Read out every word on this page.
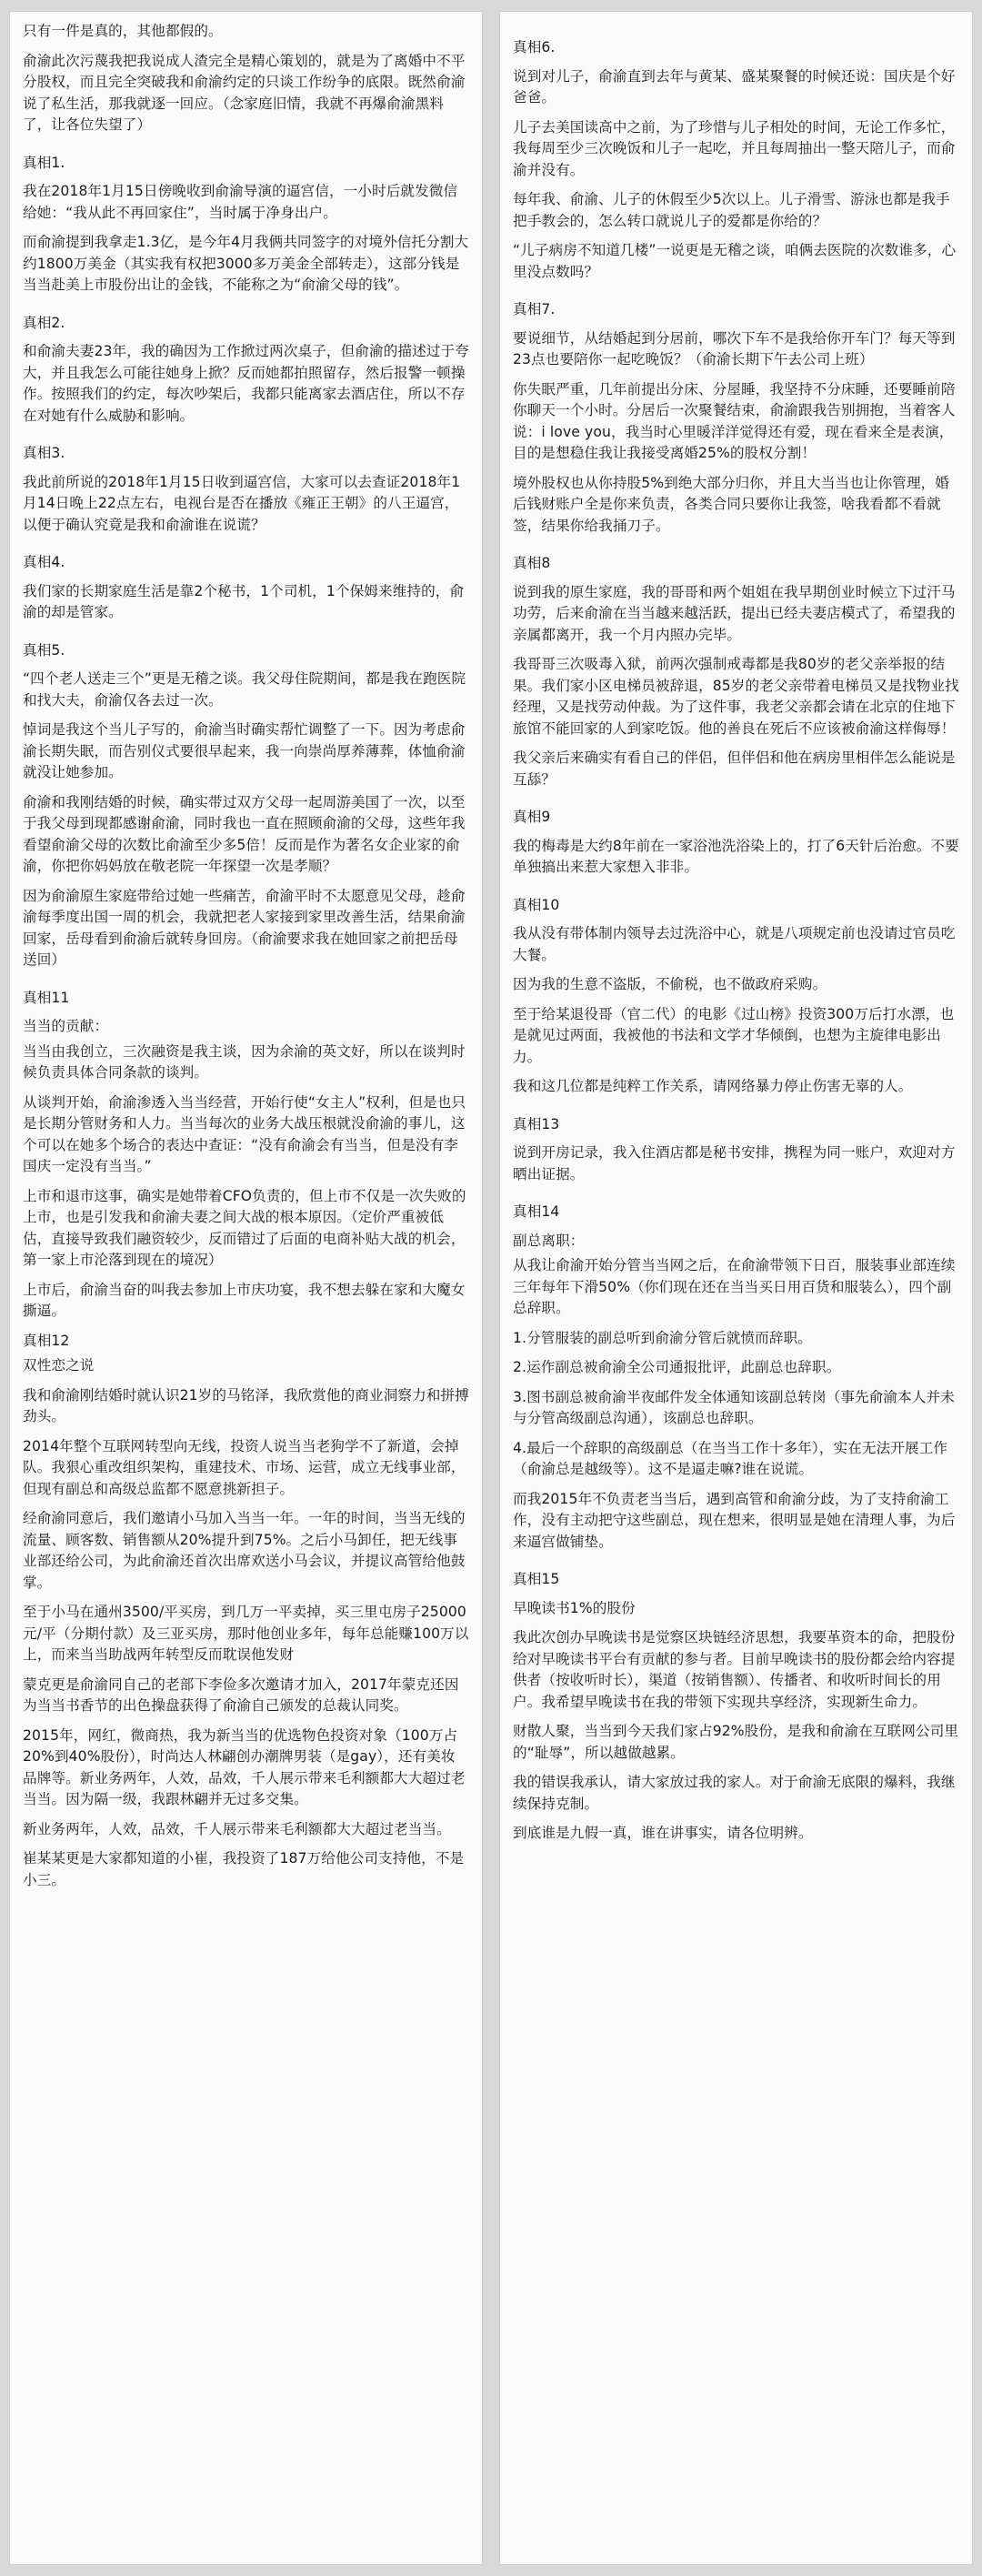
只有一件是真的，其他都假的。

俞渝此次污蔑我把我说成人渣完全是精心策划的，就是为了离婚中不平分股权，而且完全突破我和俞渝约定的只谈工作纷争的底限。既然俞渝说了私生活，那我就逐一回应。（念家庭旧情，我就不再爆俞渝黑料了，让各位失望了）

真相1.

我在2018年1月15日傍晚收到俞渝导演的逼宫信，一小时后就发微信给她：“我从此不再回家住”，当时属于净身出户。

而俞渝提到我拿走1.3亿，是今年4月我俩共同签字的对境外信托分割大约1800万美金（其实我有权把3000多万美金全部转走），这部分钱是当当赴美上市股份出让的金钱，不能称之为“俞渝父母的钱”。

真相2.

和俞渝夫妻23年，我的确因为工作掀过两次桌子，但俞渝的描述过于夸大，并且我怎么可能往她身上掀？反而她都拍照留存，然后报警一顿操作。按照我们的约定，每次吵架后，我都只能离家去酒店住，所以不存在对她有什么威胁和影响。

真相3.

我此前所说的2018年1月15日收到逼宫信，大家可以去查证2018年1月14日晚上22点左右，电视台是否在播放《雍正王朝》的八王逼宫，以便于确认究竟是我和俞渝谁在说谎？

真相4.

我们家的长期家庭生活是靠2个秘书，1个司机，1个保姆来维持的，俞渝的却是管家。

真相5.

“四个老人送走三个”更是无稽之谈。我父母住院期间，都是我在跑医院和找大夫，俞渝仅各去过一次。

悼词是我这个当儿子写的，俞渝当时确实帮忙调整了一下。因为考虑俞渝长期失眠，而告别仪式要很早起来，我一向崇尚厚养薄葬，体恤俞渝就没让她参加。

俞渝和我刚结婚的时候，确实带过双方父母一起周游美国了一次，以至于我父母到现都感谢俞渝，同时我也一直在照顾俞渝的父母，这些年我看望俞渝父母的次数比俞渝至少多5倍！反而是作为著名女企业家的俞渝，你把你妈妈放在敬老院一年探望一次是孝顺？

因为俞渝原生家庭带给过她一些痛苦，俞渝平时不太愿意见父母，趁俞渝每季度出国一周的机会，我就把老人家接到家里改善生活，结果俞渝回家，岳母看到俞渝后就转身回房。（俞渝要求我在她回家之前把岳母送回）

真相11

当当的贡献：

当当由我创立，三次融资是我主谈，因为余渝的英文好，所以在谈判时候负责具体合同条款的谈判。

从谈判开始，俞渝渗透入当当经营，开始行使“女主人”权利，但是也只是长期分管财务和人力。当当每次的业务大战压根就没俞渝的事儿，这个可以在她多个场合的表达中查证：“没有俞渝会有当当，但是没有李国庆一定没有当当。”

上市和退市这事，确实是她带着CFO负责的，但上市不仅是一次失败的上市，也是引发我和俞渝夫妻之间大战的根本原因。（定价严重被低估，直接导致我们融资较少，反而错过了后面的电商补贴大战的机会，第一家上市沦落到现在的境况）

上市后，俞渝当奋的叫我去参加上市庆功宴，我不想去躲在家和大魔女撕逼。

真相12

双性恋之说

我和俞渝刚结婚时就认识21岁的马铭泽，我欣赏他的商业洞察力和拼搏劲头。

2014年整个互联网转型向无线，投资人说当当老狗学不了新道，会掉队。我狠心重改组织架构，重建技术、市场、运营，成立无线事业部，但现有副总和高级总监都不愿意挑新担子。

经俞渝同意后，我们邀请小马加入当当一年。一年的时间，当当无线的流量、顾客数、销售额从20%提升到75%。之后小马卸任，把无线事业部还给公司，为此俞渝还首次出席欢送小马会议，并提议高管给他鼓掌。

至于小马在通州3500/平买房，到几万一平卖掉，买三里屯房子25000元/平（分期付款）及三亚买房，那时他创业多年，每年总能赚100万以上，而来当当助战两年转型反而耽误他发财

蒙克更是俞渝同自己的老部下李俭多次邀请才加入，2017年蒙克还因为当当书香节的出色操盘获得了俞渝自己颁发的总裁认同奖。

2015年，网红，微商热，我为新当当的优选物色投资对象（100万占20%到40%股份），时尚达人林翩创办潮牌男装（是gay），还有美妆品牌等。新业务两年，人效，品效，千人展示带来毛利额都大大超过老当当。因为隔一级，我跟林翩并无过多交集。

新业务两年，人效，品效，千人展示带来毛利额都大大超过老当当。

崔某某更是大家都知道的小崔，我投资了187万给他公司支持他，不是小三。

真相6.

说到对儿子，俞渝直到去年与黄某、盛某聚餐的时候还说：国庆是个好爸爸。

儿子去美国读高中之前，为了珍惜与儿子相处的时间，无论工作多忙，我每周至少三次晚饭和儿子一起吃，并且每周抽出一整天陪儿子，而俞渝并没有。

每年我、俞渝、儿子的休假至少5次以上。儿子滑雪、游泳也都是我手把手教会的，怎么转口就说儿子的爱都是你给的？

“儿子病房不知道几楼”一说更是无稽之谈，咱俩去医院的次数谁多，心里没点数吗？

真相7.

要说细节，从结婚起到分居前，哪次下车不是我给你开车门？每天等到23点也要陪你一起吃晚饭？（俞渝长期下午去公司上班）

你失眠严重，几年前提出分床、分屋睡，我坚持不分床睡，还要睡前陪你聊天一个小时。分居后一次聚餐结束，俞渝跟我告别拥抱，当着客人说：i love you，我当时心里暖洋洋觉得还有爱，现在看来全是表演，目的是想稳住我让我接受离婚25%的股权分割！

境外股权也从你持股5%到绝大部分归你，并且大当当也让你管理，婚后钱财账户全是你来负责，各类合同只要你让我签，啥我看都不看就签，结果你给我捅刀子。

真相8

说到我的原生家庭，我的哥哥和两个姐姐在我早期创业时候立下过汗马功劳，后来俞渝在当当越来越活跃，提出已经夫妻店模式了，希望我的亲属都离开，我一个月内照办完毕。

我哥哥三次吸毒入狱，前两次强制戒毒都是我80岁的老父亲举报的结果。我们家小区电梯员被辞退，85岁的老父亲带着电梯员又是找物业找经理，又是找劳动仲裁。为了这件事，我老父亲都会请在北京的住地下旅馆不能回家的人到家吃饭。他的善良在死后不应该被俞渝这样侮辱！

我父亲后来确实有看自己的伴侣，但伴侣和他在病房里相伴怎么能说是互舔？

真相9

我的梅毒是大约8年前在一家浴池洗浴染上的，打了6天针后治愈。不要单独搞出来惹大家想入非非。

真相10

我从没有带体制内领导去过洗浴中心，就是八项规定前也没请过官员吃大餐。

因为我的生意不盗版，不偷税，也不做政府采购。

至于给某退役哥（官二代）的电影《过山榜》投资300万后打水漂，也是就见过两面，我被他的书法和文学才华倾倒，也想为主旋律电影出力。

我和这几位都是纯粹工作关系，请网络暴力停止伤害无辜的人。

真相13

说到开房记录，我入住酒店都是秘书安排，携程为同一账户，欢迎对方晒出证据。

真相14

副总离职：

从我让俞渝开始分管当当网之后，在俞渝带领下日百，服装事业部连续三年每年下滑50%（你们现在还在当当买日用百货和服装么），四个副总辞职。

1.分管服装的副总听到俞渝分管后就愤而辞职。

2.运作副总被俞渝全公司通报批评，此副总也辞职。

3.图书副总被俞渝半夜邮件发全体通知该副总转岗（事先俞渝本人并未与分管高级副总沟通），该副总也辞职。

4.最后一个辞职的高级副总（在当当工作十多年），实在无法开展工作（俞渝总是越级等）。这不是逼走嘛?谁在说谎。

而我2015年不负责老当当后，遇到高管和俞渝分歧，为了支持俞渝工作，没有主动把守这些副总，现在想来，很明显是她在清理人事，为后来逼宫做铺垫。

真相15

早晚读书1%的股份

我此次创办早晚读书是觉察区块链经济思想，我要革资本的命，把股份给对早晚读书平台有贡献的参与者。目前早晚读书的股份都会给内容提供者（按收听时长），渠道（按销售额）、传播者、和收听时间长的用户。我希望早晚读书在我的带领下实现共享经济，实现新生命力。

财散人聚，当当到今天我们家占92%股份，是我和俞渝在互联网公司里的“耻辱”，所以越做越累。

我的错误我承认，请大家放过我的家人。对于俞渝无底限的爆料，我继续保持克制。

到底谁是九假一真，谁在讲事实，请各位明辨。
